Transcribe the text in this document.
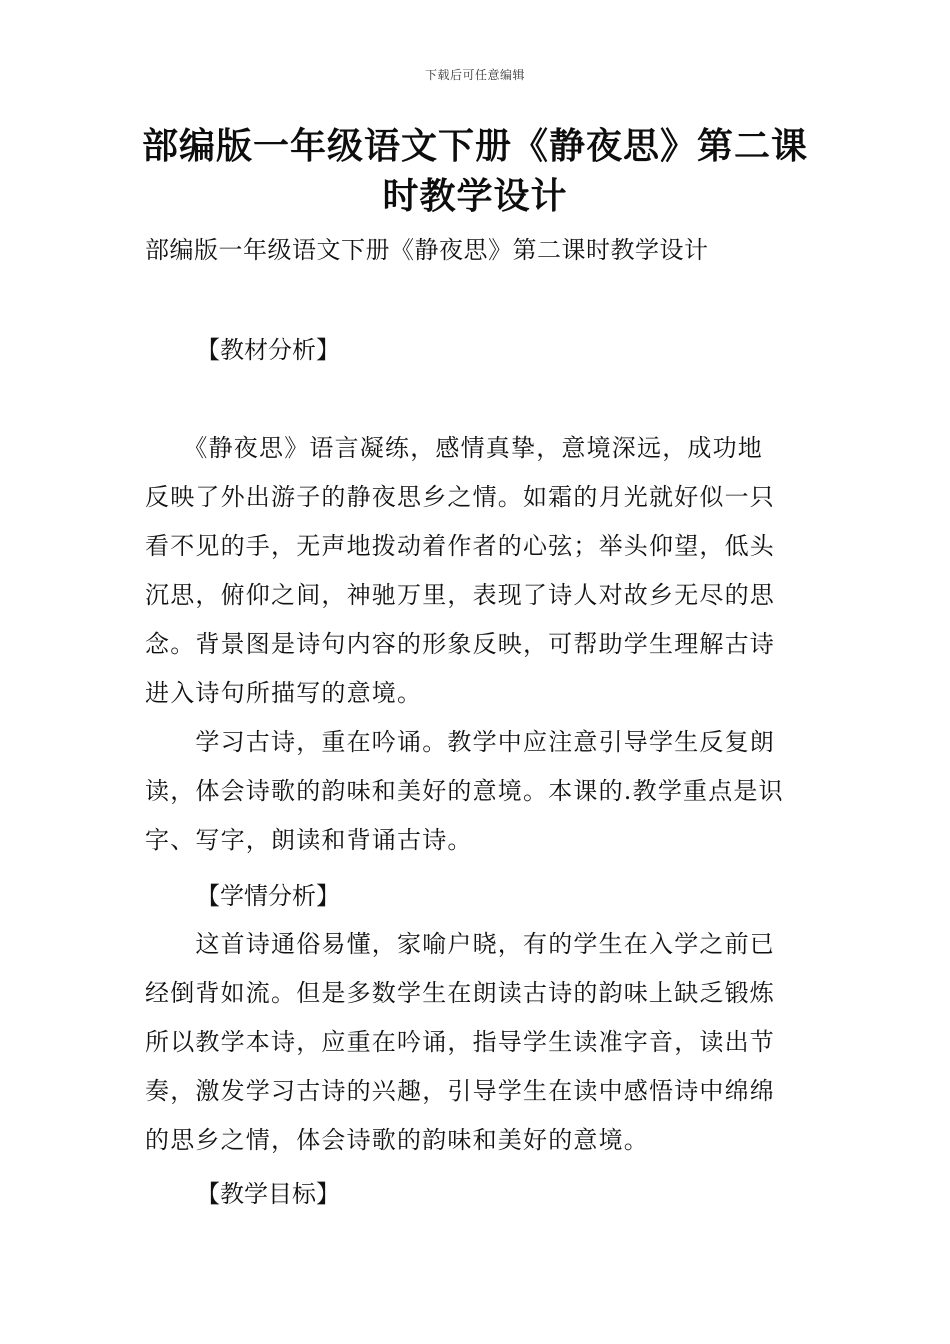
下载后可任意编辑
部编版一年级语文下册《静夜思》第二课
时教学设计
部编版一年级语文下册《静夜思》第二课时教学设计
【教材分析】
　　《静夜思》语言凝练，感情真挚，意境深远，成功地
反映了外出游子的静夜思乡之情。如霜的月光就好似一只
看不见的手，无声地拨动着作者的心弦；举头仰望，低头
沉思，俯仰之间，神驰万里，表现了诗人对故乡无尽的思
念。背景图是诗句内容的形象反映，可帮助学生理解古诗
进入诗句所描写的意境。
　　学习古诗，重在吟诵。教学中应注意引导学生反复朗
读，体会诗歌的韵味和美好的意境。本课的.教学重点是识
字、写字，朗读和背诵古诗。
【学情分析】
　　这首诗通俗易懂，家喻户晓，有的学生在入学之前已
经倒背如流。但是多数学生在朗读古诗的韵味上缺乏锻炼
所以教学本诗，应重在吟诵，指导学生读准字音，读出节
奏，激发学习古诗的兴趣，引导学生在读中感悟诗中绵绵
的思乡之情，体会诗歌的韵味和美好的意境。
【教学目标】
